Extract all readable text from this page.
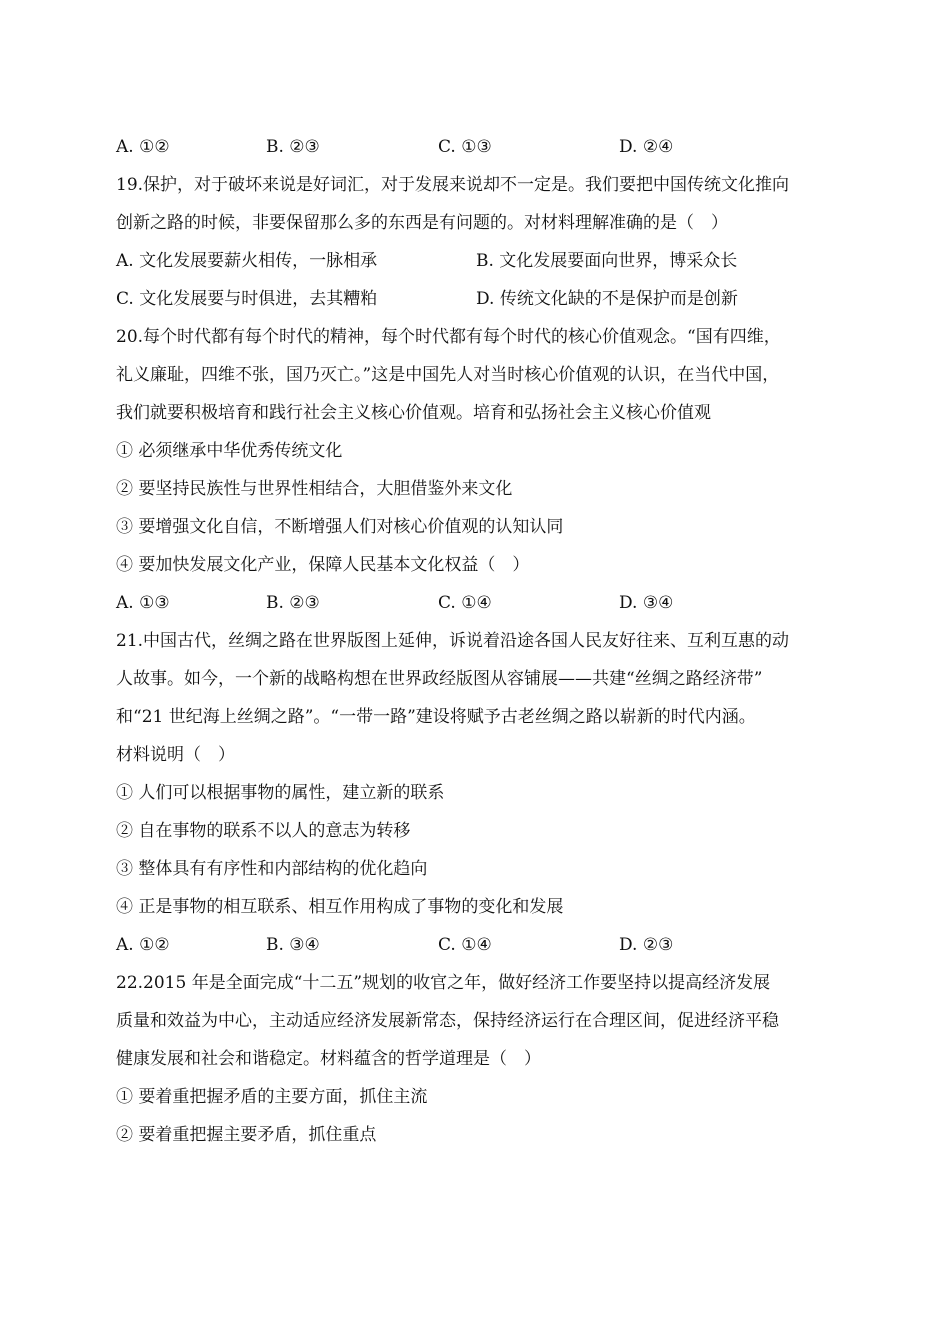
A. ①②	B. ②③	C. ①③	D. ②④
19.保护，对于破坏来说是好词汇，对于发展来说却不一定是。我们要把中国传统文化推向
创新之路的时候，非要保留那么多的东西是有问题的。对材料理解准确的是（　）
A. 文化发展要薪火相传，一脉相承	B. 文化发展要面向世界，博采众长
C. 文化发展要与时俱进，去其糟粕	D. 传统文化缺的不是保护而是创新
20.每个时代都有每个时代的精神，每个时代都有每个时代的核心价值观念。“国有四维，
礼义廉耻，四维不张，国乃灭亡。”这是中国先人对当时核心价值观的认识，在当代中国，
我们就要积极培育和践行社会主义核心价值观。培育和弘扬社会主义核心价值观
① 必须继承中华优秀传统文化
② 要坚持民族性与世界性相结合，大胆借鉴外来文化
③ 要增强文化自信，不断增强人们对核心价值观的认知认同
④ 要加快发展文化产业，保障人民基本文化权益（　）
A. ①③	B. ②③	C. ①④	D. ③④
21.中国古代，丝绸之路在世界版图上延伸，诉说着沿途各国人民友好往来、互利互惠的动
人故事。如今，一个新的战略构想在世界政经版图从容铺展——共建“丝绸之路经济带”
和“21 世纪海上丝绸之路”。“一带一路”建设将赋予古老丝绸之路以崭新的时代内涵。
材料说明（　）
① 人们可以根据事物的属性，建立新的联系
② 自在事物的联系不以人的意志为转移
③ 整体具有有序性和内部结构的优化趋向
④ 正是事物的相互联系、相互作用构成了事物的变化和发展
A. ①②	B. ③④	C. ①④	D. ②③
22.2015 年是全面完成“十二五”规划的收官之年，做好经济工作要坚持以提高经济发展
质量和效益为中心，主动适应经济发展新常态，保持经济运行在合理区间，促进经济平稳
健康发展和社会和谐稳定。材料蕴含的哲学道理是（　）
① 要着重把握矛盾的主要方面，抓住主流
② 要着重把握主要矛盾，抓住重点
